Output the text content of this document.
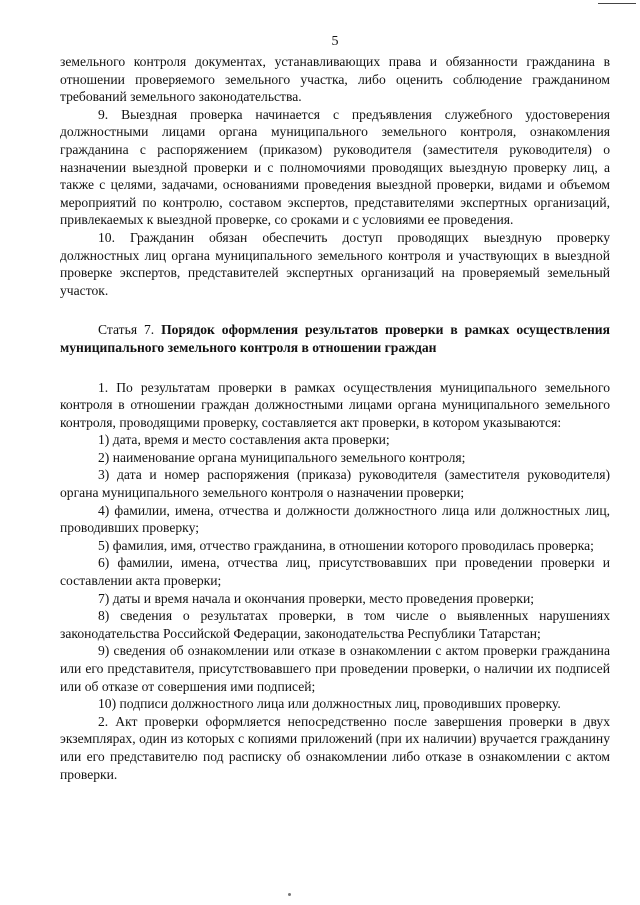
5

земельного контроля документах, устанавливающих права и обязанности гражданина в отношении проверяемого земельного участка, либо оценить соблюдение гражданином требований земельного законодательства.

9. Выездная проверка начинается с предъявления служебного удостоверения должностными лицами органа муниципального земельного контроля, ознакомления гражданина с распоряжением (приказом) руководителя (заместителя руководителя) о назначении выездной проверки и с полномочиями проводящих выездную проверку лиц, а также с целями, задачами, основаниями проведения выездной проверки, видами и объемом мероприятий по контролю, составом экспертов, представителями экспертных организаций, привлекаемых к выездной проверке, со сроками и с условиями ее проведения.

10. Гражданин обязан обеспечить доступ проводящих выездную проверку должностных лиц органа муниципального земельного контроля и участвующих в выездной проверке экспертов, представителей экспертных организаций на проверяемый земельный участок.

Статья 7. Порядок оформления результатов проверки в рамках осуществления муниципального земельного контроля в отношении граждан

1. По результатам проверки в рамках осуществления муниципального земельного контроля в отношении граждан должностными лицами органа муниципального земельного контроля, проводящими проверку, составляется акт проверки, в котором указываются:

1) дата, время и место составления акта проверки;

2) наименование органа муниципального земельного контроля;

3) дата и номер распоряжения (приказа) руководителя (заместителя руководителя) органа муниципального земельного контроля о назначении проверки;

4) фамилии, имена, отчества и должности должностного лица или должностных лиц, проводивших проверку;

5) фамилия, имя, отчество гражданина, в отношении которого проводилась проверка;

6) фамилии, имена, отчества лиц, присутствовавших при проведении проверки и составлении акта проверки;

7) даты и время начала и окончания проверки, место проведения проверки;

8) сведения о результатах проверки, в том числе о выявленных нарушениях законодательства Российской Федерации, законодательства Республики Татарстан;

9) сведения об ознакомлении или отказе в ознакомлении с актом проверки гражданина или его представителя, присутствовавшего при проведении проверки, о наличии их подписей или об отказе от совершения ими подписей;

10) подписи должностного лица или должностных лиц, проводивших проверку.

2. Акт проверки оформляется непосредственно после завершения проверки в двух экземплярах, один из которых с копиями приложений (при их наличии) вручается гражданину или его представителю под расписку об ознакомлении либо отказе в ознакомлении с актом проверки.
